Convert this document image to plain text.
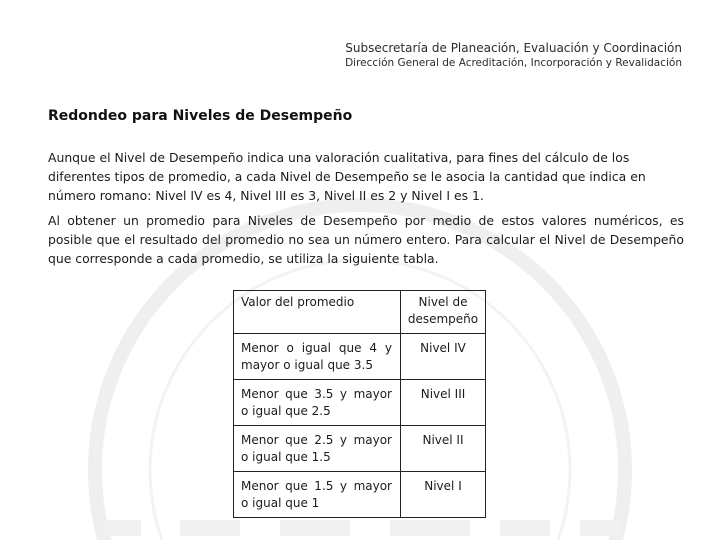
Subsecretaría de Planeación, Evaluación y Coordinación
Dirección General de Acreditación, Incorporación y Revalidación
Redondeo para Niveles de Desempeño

Aunque el Nivel de Desempeño indica una valoración cualitativa, para fines del cálculo de los diferentes tipos de promedio, a cada Nivel de Desempeño se le asocia la cantidad que indica en número romano: Nivel IV es 4, Nivel III es 3, Nivel II es 2 y Nivel I es 1.

Al obtener un promedio para Niveles de Desempeño por medio de estos valores numéricos, es posible que el resultado del promedio no sea un número entero. Para calcular el Nivel de Desempeño que corresponde a cada promedio, se utiliza la siguiente tabla.

Valor del promedio	Nivel de desempeño
Menor o igual que 4 y mayor o igual que 3.5	Nivel IV
Menor que 3.5 y mayor o igual que 2.5	Nivel III
Menor que 2.5 y mayor o igual que 1.5	Nivel II
Menor que 1.5 y mayor o igual que 1	Nivel I
